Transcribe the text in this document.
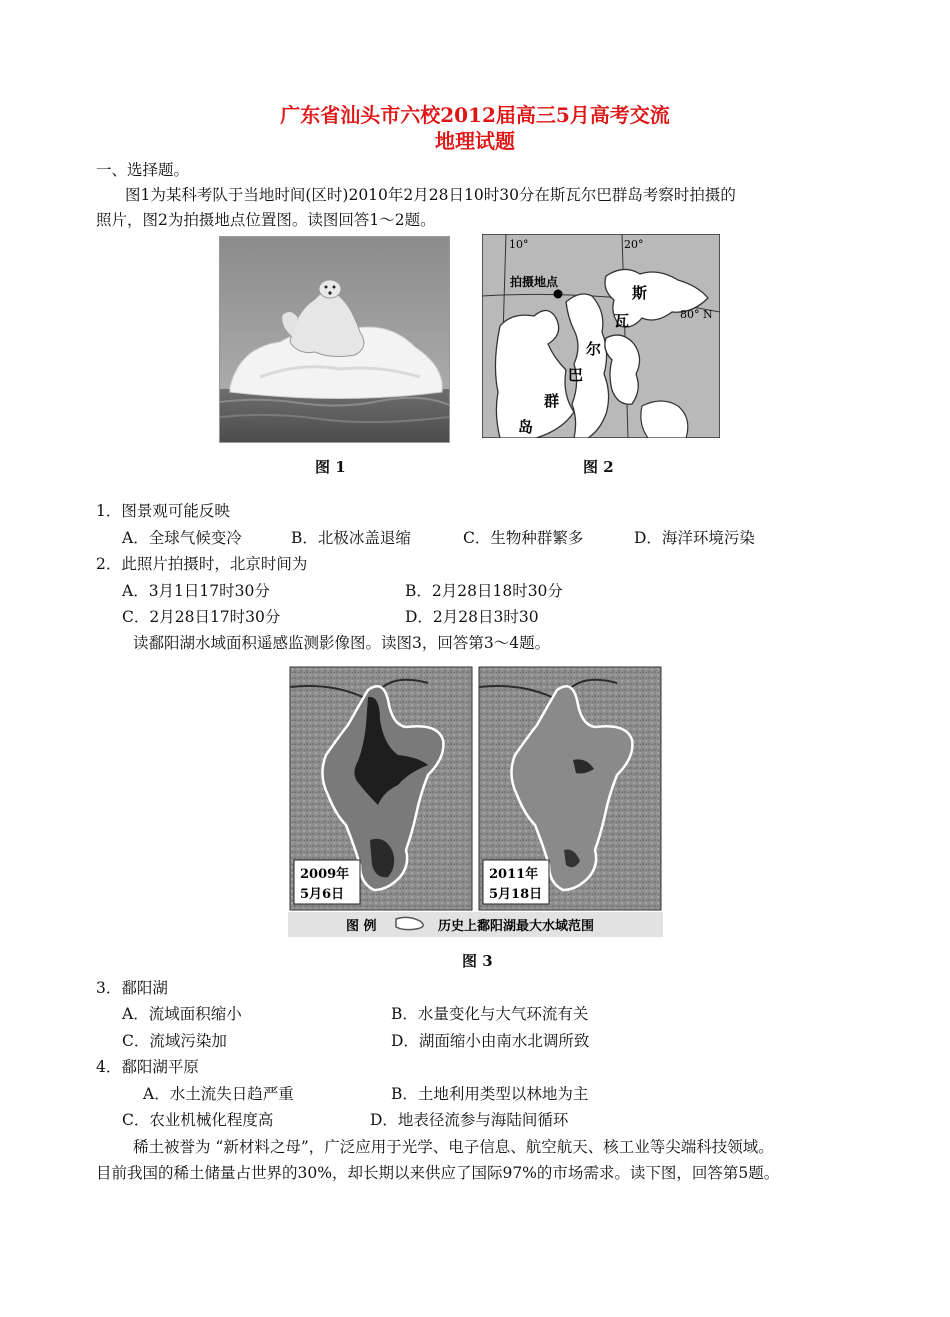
广东省汕头市六校2012届高三5月高考交流
地理试题
一、选择题。
图1为某科考队于当地时间(区时)2010年2月28日10时30分在斯瓦尔巴群岛考察时拍摄的
照片，图2为拍摄地点位置图。读图回答1～2题。
图 1
10°	20°
80° N
拍摄地点
斯
瓦
尔
巴
群
岛
图 2
1．图景观可能反映
A．全球气候变冷	B．北极冰盖退缩	C．生物种群繁多	D．海洋环境污染
2．此照片拍摄时，北京时间为
A．3月1日17时30分	B．2月28日18时30分
C．2月28日17时30分	D．2月28日3时30
读鄱阳湖水域面积遥感监测影像图。读图3，回答第3～4题。
2009年
5月6日
2011年
5月18日
图 例	历史上鄱阳湖最大水域范围
图 3
3．鄱阳湖
A．流域面积缩小	B．水量变化与大气环流有关
C．流域污染加	D．湖面缩小由南水北调所致
4．鄱阳湖平原
A．水土流失日趋严重	B．土地利用类型以林地为主
C．农业机械化程度高	D．地表径流参与海陆间循环
稀土被誉为 “新材料之母”，广泛应用于光学、电子信息、航空航天、核工业等尖端科技领域。
目前我国的稀土储量占世界的30%，却长期以来供应了国际97%的市场需求。读下图，回答第5题。
